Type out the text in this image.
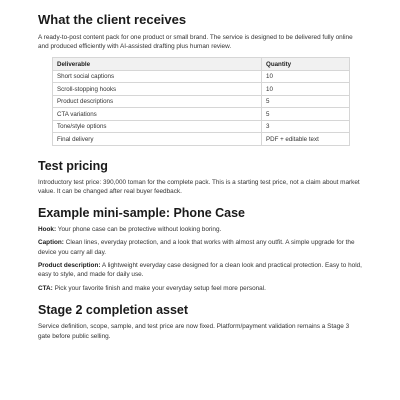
What the client receives

A ready-to-post content pack for one product or small brand. The service is designed to be delivered fully online and produced efficiently with AI-assisted drafting plus human review.

Deliverable	Quantity
Short social captions	10
Scroll-stopping hooks	10
Product descriptions	5
CTA variations	5
Tone/style options	3
Final delivery	PDF + editable text
Test pricing

Introductory test price: 390,000 toman for the complete pack. This is a starting test price, not a claim about market value. It can be changed after real buyer feedback.

Example mini-sample: Phone Case

Hook: Your phone case can be protective without looking boring.

Caption: Clean lines, everyday protection, and a look that works with almost any outfit. A simple upgrade for the device you carry all day.

Product description: A lightweight everyday case designed for a clean look and practical protection. Easy to hold, easy to style, and made for daily use.

CTA: Pick your favorite finish and make your everyday setup feel more personal.

Stage 2 completion asset

Service definition, scope, sample, and test price are now fixed. Platform/payment validation remains a Stage 3 gate before public selling.
